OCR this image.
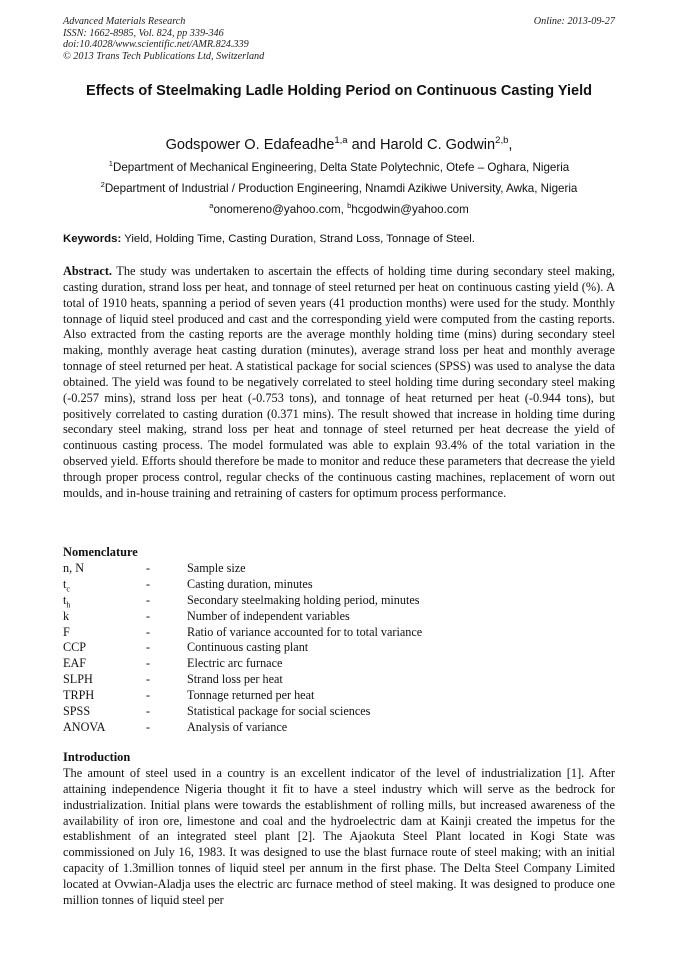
Advanced Materials Research
ISSN: 1662-8985, Vol. 824, pp 339-346
doi:10.4028/www.scientific.net/AMR.824.339
© 2013 Trans Tech Publications Ltd, Switzerland
Online: 2013-09-27
Effects of Steelmaking Ladle Holding Period on Continuous Casting Yield
Godspower O. Edafeadhe$^{1,a}$ and Harold C. Godwin$^{2,b}$,
$^1$Department of Mechanical Engineering, Delta State Polytechnic, Otefe – Oghara, Nigeria
$^2$Department of Industrial / Production Engineering, Nnamdi Azikiwe University, Awka, Nigeria
$^a$onomereno@yahoo.com, $^b$hcgodwin@yahoo.com
Keywords: Yield, Holding Time, Casting Duration, Strand Loss, Tonnage of Steel.
Abstract. The study was undertaken to ascertain the effects of holding time during secondary steel making, casting duration, strand loss per heat, and tonnage of steel returned per heat on continuous casting yield (%). A total of 1910 heats, spanning a period of seven years (41 production months) were used for the study. Monthly tonnage of liquid steel produced and cast and the corresponding yield were computed from the casting reports. Also extracted from the casting reports are the average monthly holding time (mins) during secondary steel making, monthly average heat casting duration (minutes), average strand loss per heat and monthly average tonnage of steel returned per heat. A statistical package for social sciences (SPSS) was used to analyse the data obtained. The yield was found to be negatively correlated to steel holding time during secondary steel making (-0.257 mins), strand loss per heat (-0.753 tons), and tonnage of heat returned per heat (-0.944 tons), but positively correlated to casting duration (0.371 mins). The result showed that increase in holding time during secondary steel making, strand loss per heat and tonnage of steel returned per heat decrease the yield of continuous casting process. The model formulated was able to explain 93.4% of the total variation in the observed yield. Efforts should therefore be made to monitor and reduce these parameters that decrease the yield through proper process control, regular checks of the continuous casting machines, replacement of worn out moulds, and in-house training and retraining of casters for optimum process performance.
Nomenclature
n, N	-	Sample size
$t_c$	-	Casting duration, minutes
$t_h$	-	Secondary steelmaking holding period, minutes
k	-	Number of independent variables
F	-	Ratio of variance accounted for to total variance
CCP	-	Continuous casting plant
EAF	-	Electric arc furnace
SLPH	-	Strand loss per heat
TRPH	-	Tonnage returned per heat
SPSS	-	Statistical package for social sciences
ANOVA	-	Analysis of variance
Introduction
The amount of steel used in a country is an excellent indicator of the level of industrialization [1]. After attaining independence Nigeria thought it fit to have a steel industry which will serve as the bedrock for industrialization. Initial plans were towards the establishment of rolling mills, but increased awareness of the availability of iron ore, limestone and coal and the hydroelectric dam at Kainji created the impetus for the establishment of an integrated steel plant [2]. The Ajaokuta Steel Plant located in Kogi State was commissioned on July 16, 1983. It was designed to use the blast furnace route of steel making; with an initial capacity of 1.3million tonnes of liquid steel per annum in the first phase. The Delta Steel Company Limited located at Ovwian-Aladja uses the electric arc furnace method of steel making. It was designed to produce one million tonnes of liquid steel per
